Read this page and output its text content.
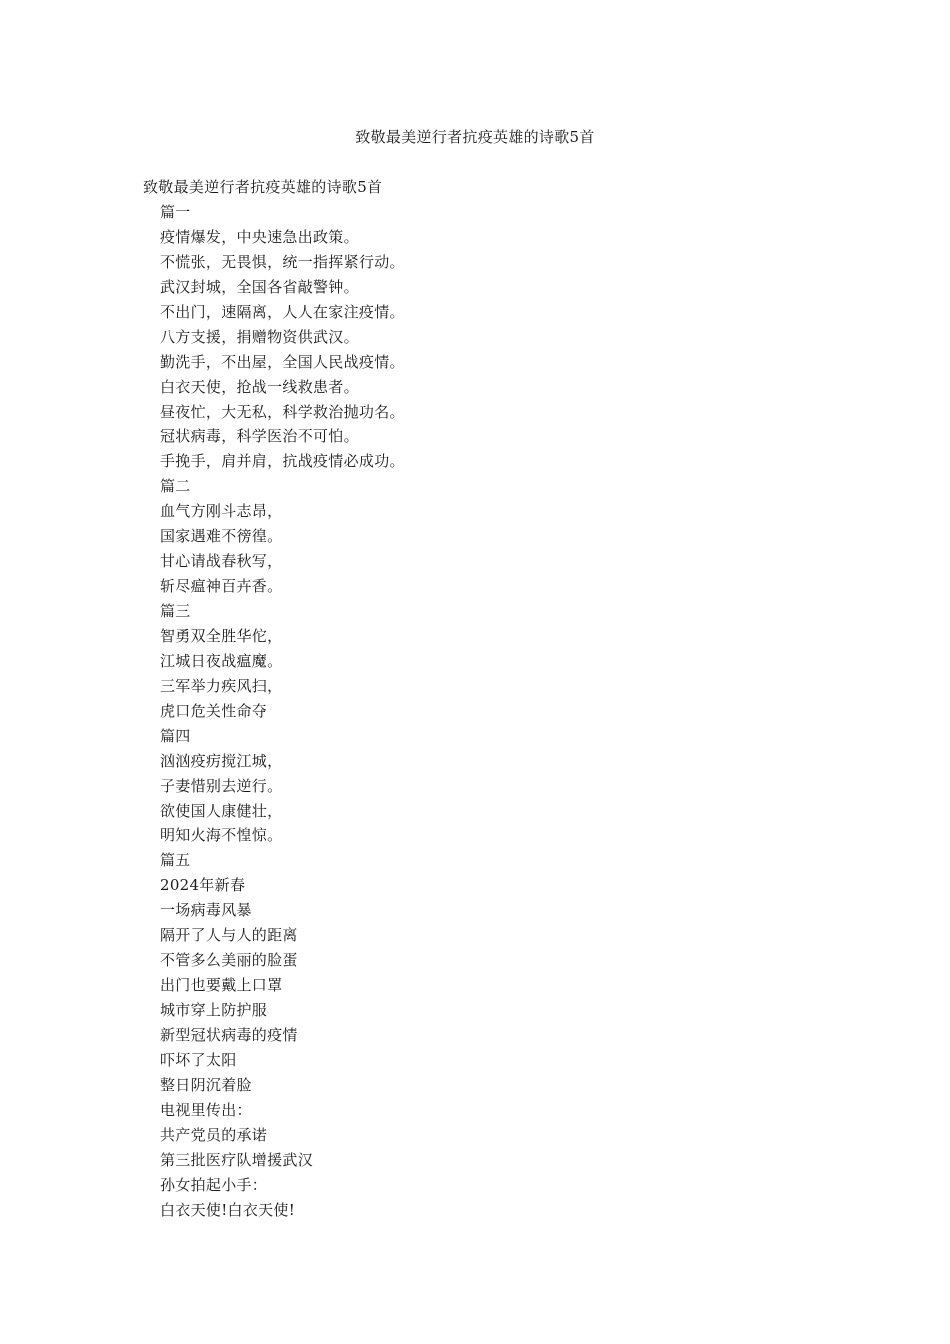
致敬最美逆行者抗疫英雄的诗歌5首
致敬最美逆行者抗疫英雄的诗歌5首
篇一
疫情爆发，中央速急出政策。
不慌张，无畏惧，统一指挥紧行动。
武汉封城，全国各省敲警钟。
不出门，速隔离，人人在家注疫情。
八方支援，捐赠物资供武汉。
勤洗手，不出屋，全国人民战疫情。
白衣天使，抢战一线救患者。
昼夜忙，大无私，科学救治抛功名。
冠状病毒，科学医治不可怕。
手挽手，肩并肩，抗战疫情必成功。
篇二
血气方刚斗志昂，
国家遇难不徬徨。
甘心请战春秋写，
斩尽瘟神百卉香。
篇三
智勇双全胜华佗，
江城日夜战瘟魔。
三军举力疾风扫，
虎口危关性命夺
篇四
汹汹疫疠搅江城，
子妻惜别去逆行。
欲使国人康健壮，
明知火海不惶惊。
篇五
2024年新春
一场病毒风暴
隔开了人与人的距离
不管多么美丽的脸蛋
出门也要戴上口罩
城市穿上防护服
新型冠状病毒的疫情
吓坏了太阳
整日阴沉着脸
电视里传出：
共产党员的承诺
第三批医疗队增援武汉
孙女拍起小手：
白衣天使!白衣天使!
